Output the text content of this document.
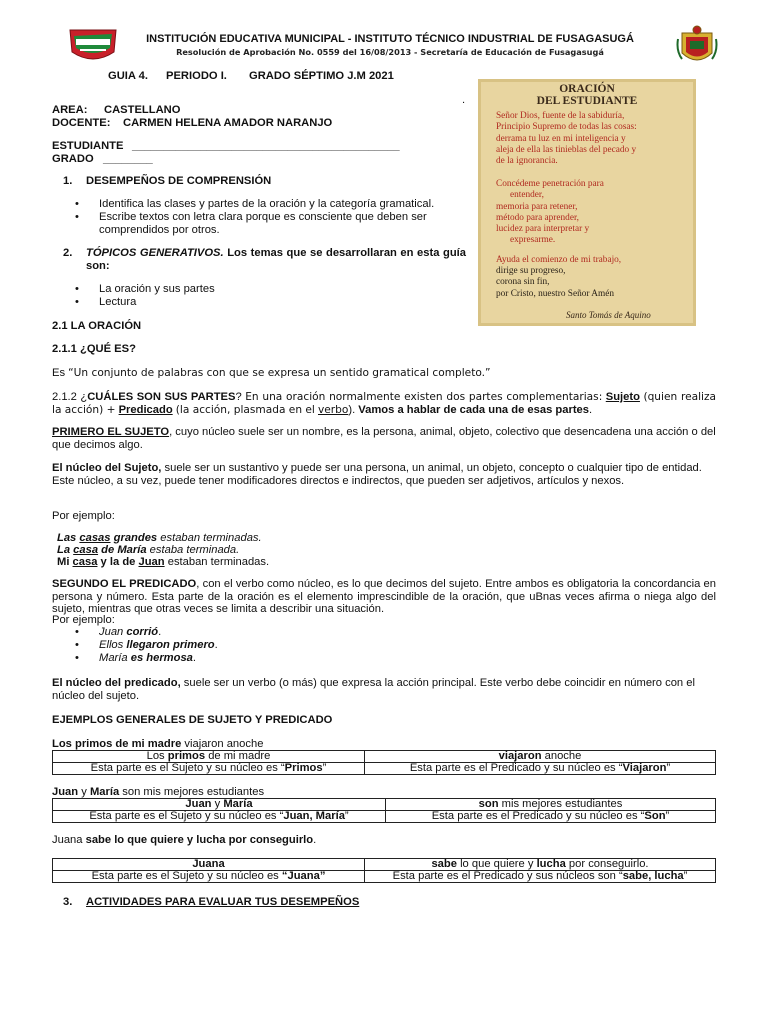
INSTITUCIÓN EDUCATIVA MUNICIPAL - INSTITUTO TÉCNICO INDUSTRIAL DE FUSAGASUGÁ
Resolución de Aprobación No. 0559 del 16/08/2013 - Secretaría de Educación de Fusagasugá
GUIA 4. PERIODO I. GRADO SÉPTIMO J.M 2021
.
AREA: CASTELLANO
DOCENTE: CARMEN HELENA AMADOR NARANJO
ESTUDIANTE ___________________________________________
GRADO ________
ORACIÓN
DEL ESTUDIANTE
Señor Dios, fuente de la sabiduría,
Principio Supremo de todas las cosas:
derrama tu luz en mi inteligencia y
aleja de ella las tinieblas del pecado y
de la ignorancia.
Concédeme penetración para
entender,
memoria para retener,
método para aprender,
lucidez para interpretar y
expresarme.
Ayuda el comienzo de mi trabajo,
dirige su progreso,
corona sin fin,
por Cristo, nuestro Señor Amén
Santo Tomás de Aquino
1. DESEMPEÑOS DE COMPRENSIÓN
• Identifica las clases y partes de la oración y la categoría gramatical.
• Escribe textos con letra clara porque es consciente que deben ser comprendidos por otros.
2. TÓPICOS GENERATIVOS. Los temas que se desarrollaran en esta guía son:
• La oración y sus partes
• Lectura
2.1 LA ORACIÓN
2.1.1 ¿QUÉ ES?
Es “Un conjunto de palabras con que se expresa un sentido gramatical completo.”
2.1.2 ¿CUÁLES SON SUS PARTES? En una oración normalmente existen dos partes complementarias: Sujeto (quien realiza la acción) + Predicado (la acción, plasmada en el verbo). Vamos a hablar de cada una de esas partes.
PRIMERO EL SUJETO, cuyo núcleo suele ser un nombre, es la persona, animal, objeto, colectivo que desencadena una acción o del que decimos algo.
El núcleo del Sujeto, suele ser un sustantivo y puede ser una persona, un animal, un objeto, concepto o cualquier tipo de entidad. Este núcleo, a su vez, puede tener modificadores directos e indirectos, que pueden ser adjetivos, artículos y nexos.
Por ejemplo:
Las casas grandes estaban terminadas.
La casa de María estaba terminada.
Mi casa y la de Juan estaban terminadas.
SEGUNDO EL PREDICADO, con el verbo como núcleo, es lo que decimos del sujeto. Entre ambos es obligatoria la concordancia en persona y número. Esta parte de la oración es el elemento imprescindible de la oración, que uBnas veces afirma o niega algo del sujeto, mientras que otras veces se limita a describir una situación.
Por ejemplo:
• Juan corrió.
• Ellos llegaron primero.
• María es hermosa.
El núcleo del predicado, suele ser un verbo (o más) que expresa la acción principal. Este verbo debe coincidir en número con el núcleo del sujeto.
EJEMPLOS GENERALES DE SUJETO Y PREDICADO
Los primos de mi madre viajaron anoche
Los primos de mi madre	viajaron anoche
Esta parte es el Sujeto y su núcleo es “Primos”	Esta parte es el Predicado y su núcleo es “Viajaron”
Juan y María son mis mejores estudiantes
Juan y María	son mis mejores estudiantes
Esta parte es el Sujeto y su núcleo es “Juan, María”	Esta parte es el Predicado y su núcleo es “Son”
Juana sabe lo que quiere y lucha por conseguirlo.
Juana	sabe lo que quiere y lucha por conseguirlo.
Esta parte es el Sujeto y su núcleo es “Juana”	Esta parte es el Predicado y sus núcleos son “sabe, lucha”
3. ACTIVIDADES PARA EVALUAR TUS DESEMPEÑOS
